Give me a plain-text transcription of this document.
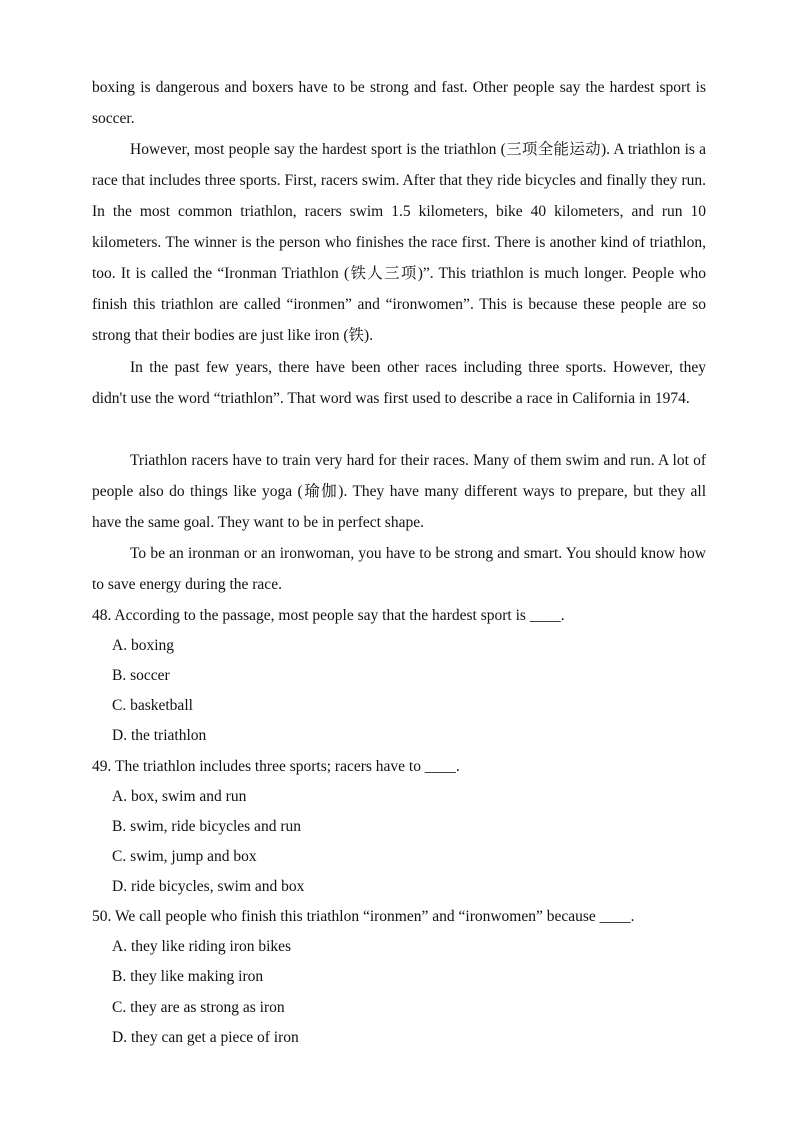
boxing is dangerous and boxers have to be strong and fast. Other people say the hardest sport is soccer.

However, most people say the hardest sport is the triathlon (三项全能运动). A triathlon is a race that includes three sports. First, racers swim. After that they ride bicycles and finally they run. In the most common triathlon, racers swim 1.5 kilometers, bike 40 kilometers, and run 10 kilometers. The winner is the person who finishes the race first. There is another kind of triathlon, too. It is called the “Ironman Triathlon (铁人三项)”. This triathlon is much longer. People who finish this triathlon are called “ironmen” and “ironwomen”. This is because these people are so strong that their bodies are just like iron (铁).

In the past few years, there have been other races including three sports. However, they didn't use the word “triathlon”. That word was first used to describe a race in California in 1974.

Triathlon racers have to train very hard for their races. Many of them swim and run. A lot of people also do things like yoga (瑜伽). They have many different ways to prepare, but they all have the same goal. They want to be in perfect shape.

To be an ironman or an ironwoman, you have to be strong and smart. You should know how to save energy during the race.

48. According to the passage, most people say that the hardest sport is ____.
A. boxing
B. soccer
C. basketball
D. the triathlon
49. The triathlon includes three sports; racers have to ____.
A. box, swim and run
B. swim, ride bicycles and run
C. swim, jump and box
D. ride bicycles, swim and box
50. We call people who finish this triathlon “ironmen” and “ironwomen” because ____.
A. they like riding iron bikes
B. they like making iron
C. they are as strong as iron
D. they can get a piece of iron
